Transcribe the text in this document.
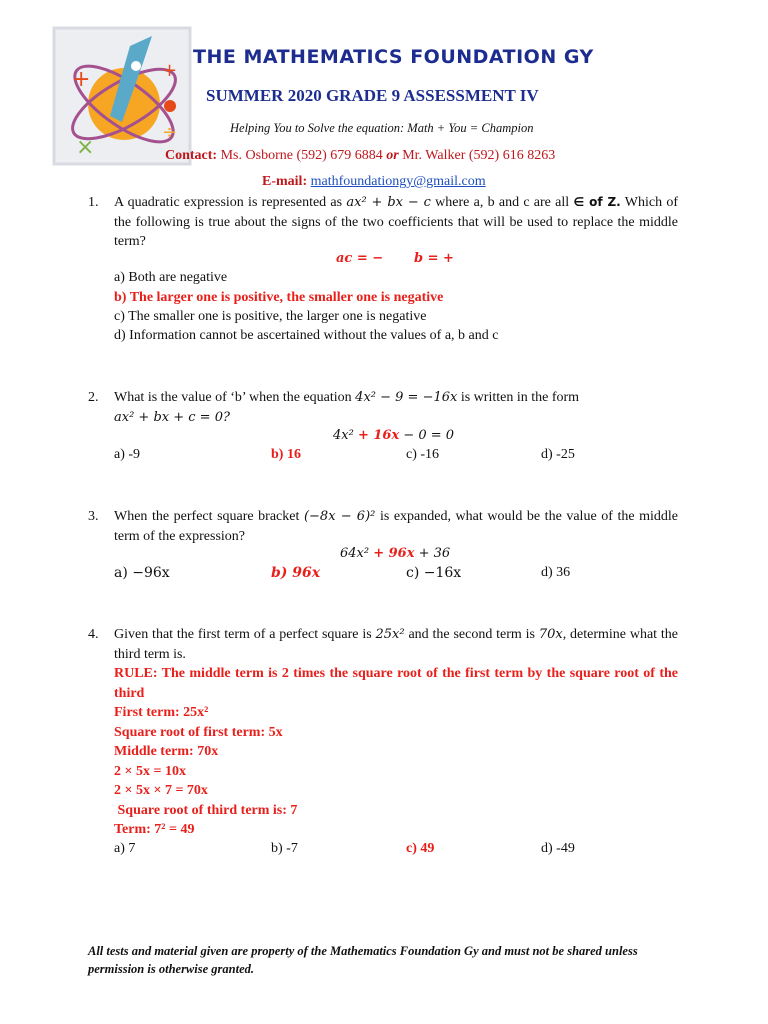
+	+
×
÷
THE MATHEMATICS FOUNDATION GY
SUMMER 2020 GRADE 9 ASSESSMENT IV
Helping You to Solve the equation: Math + You = Champion
Contact: Ms. Osborne (592) 679 6884 or Mr. Walker (592) 616 8263
E-mail: mathfoundationgy@gmail.com
1.	A quadratic expression is represented as ax² + bx − c where a, b and c are all ∈ of Z. Which of the following is true about the signs of the two coefficients that will be used to replace the middle term?
ac = − b = +
a) Both are negative
b) The larger one is positive, the smaller one is negative
c) The smaller one is positive, the larger one is negative
d) Information cannot be ascertained without the values of a, b and c
2.	What is the value of ‘b’ when the equation 4x² − 9 = −16x is written in the form
ax² + bx + c = 0?
4x² + 16x − 0 = 0
a) -9	b) 16	c) -16	d) -25
3.	When the perfect square bracket (−8x − 6)² is expanded, what would be the value of the middle term of the expression?
64x² + 96x + 36
a) −96x	b) 96x	c) −16x	d) 36
4.	Given that the first term of a perfect square is 25x² and the second term is 70x, determine what the third term is.
RULE: The middle term is 2 times the square root of the first term by the square root of the third
First term: 25x²
Square root of first term: 5x
Middle term: 70x
2 × 5x = 10x
2 × 5x × 7 = 70x
Square root of third term is: 7
Term: 7² = 49
a) 7	b) -7	c) 49	d) -49
All tests and material given are property of the Mathematics Foundation Gy and must not be shared unless permission is otherwise granted.
